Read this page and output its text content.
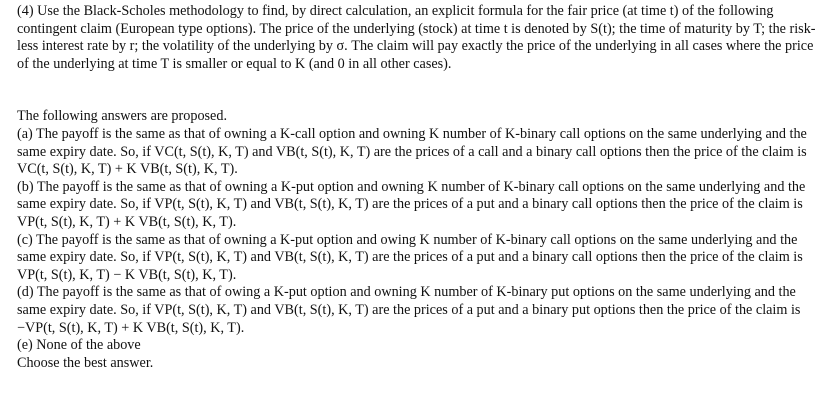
(4) Use the Black-Scholes methodology to find, by direct calculation, an explicit formula for the fair price (at time t) of the following contingent claim (European type options). The price of the underlying (stock) at time t is denoted by S(t); the time of maturity by T; the risk-less interest rate by r; the volatility of the underlying by σ. The claim will pay exactly the price of the underlying in all cases where the price of the underlying at time T is smaller or equal to K (and 0 in all other cases).

The following answers are proposed.

(a) The payoff is the same as that of owning a K-call option and owning K number of K-binary call options on the same underlying and the same expiry date. So, if VC(t, S(t), K, T) and VB(t, S(t), K, T) are the prices of a call and a binary call options then the price of the claim is VC(t, S(t), K, T) + K VB(t, S(t), K, T).

(b) The payoff is the same as that of owning a K-put option and owning K number of K-binary call options on the same underlying and the same expiry date. So, if VP(t, S(t), K, T) and VB(t, S(t), K, T) are the prices of a put and a binary call options then the price of the claim is VP(t, S(t), K, T) + K VB(t, S(t), K, T).

(c) The payoff is the same as that of owning a K-put option and owing K number of K-binary call options on the same underlying and the same expiry date. So, if VP(t, S(t), K, T) and VB(t, S(t), K, T) are the prices of a put and a binary call options then the price of the claim is VP(t, S(t), K, T) − K VB(t, S(t), K, T).

(d) The payoff is the same as that of owing a K-put option and owning K number of K-binary put options on the same underlying and the same expiry date. So, if VP(t, S(t), K, T) and VB(t, S(t), K, T) are the prices of a put and a binary put options then the price of the claim is −VP(t, S(t), K, T) + K VB(t, S(t), K, T).

(e) None of the above

Choose the best answer.
